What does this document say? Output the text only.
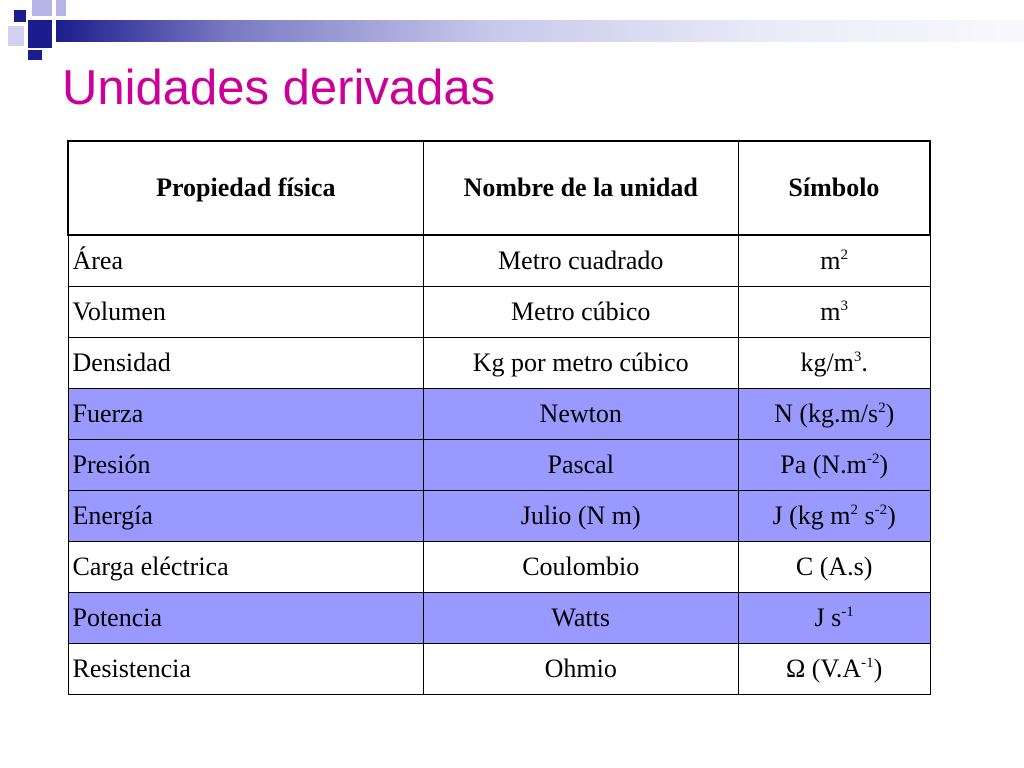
Unidades derivadas
Propiedad física	Nombre de la unidad	Símbolo
Área	Metro cuadrado	$m^2$
Volumen	Metro cúbico	$m^3$
Densidad	Kg por metro cúbico	$kg/m^3$.
Fuerza	Newton	N $(kg.m/s^2)$
Presión	Pascal	Pa $(N.m^{-2})$
Energía	Julio (N m)	J (kg $m^2$ $s^{-2}$)
Carga eléctrica	Coulombio	C (A.s)
Potencia	Watts	J $s^{-1}$
Resistencia	Ohmio	Ω $(V.A^{-1})$
